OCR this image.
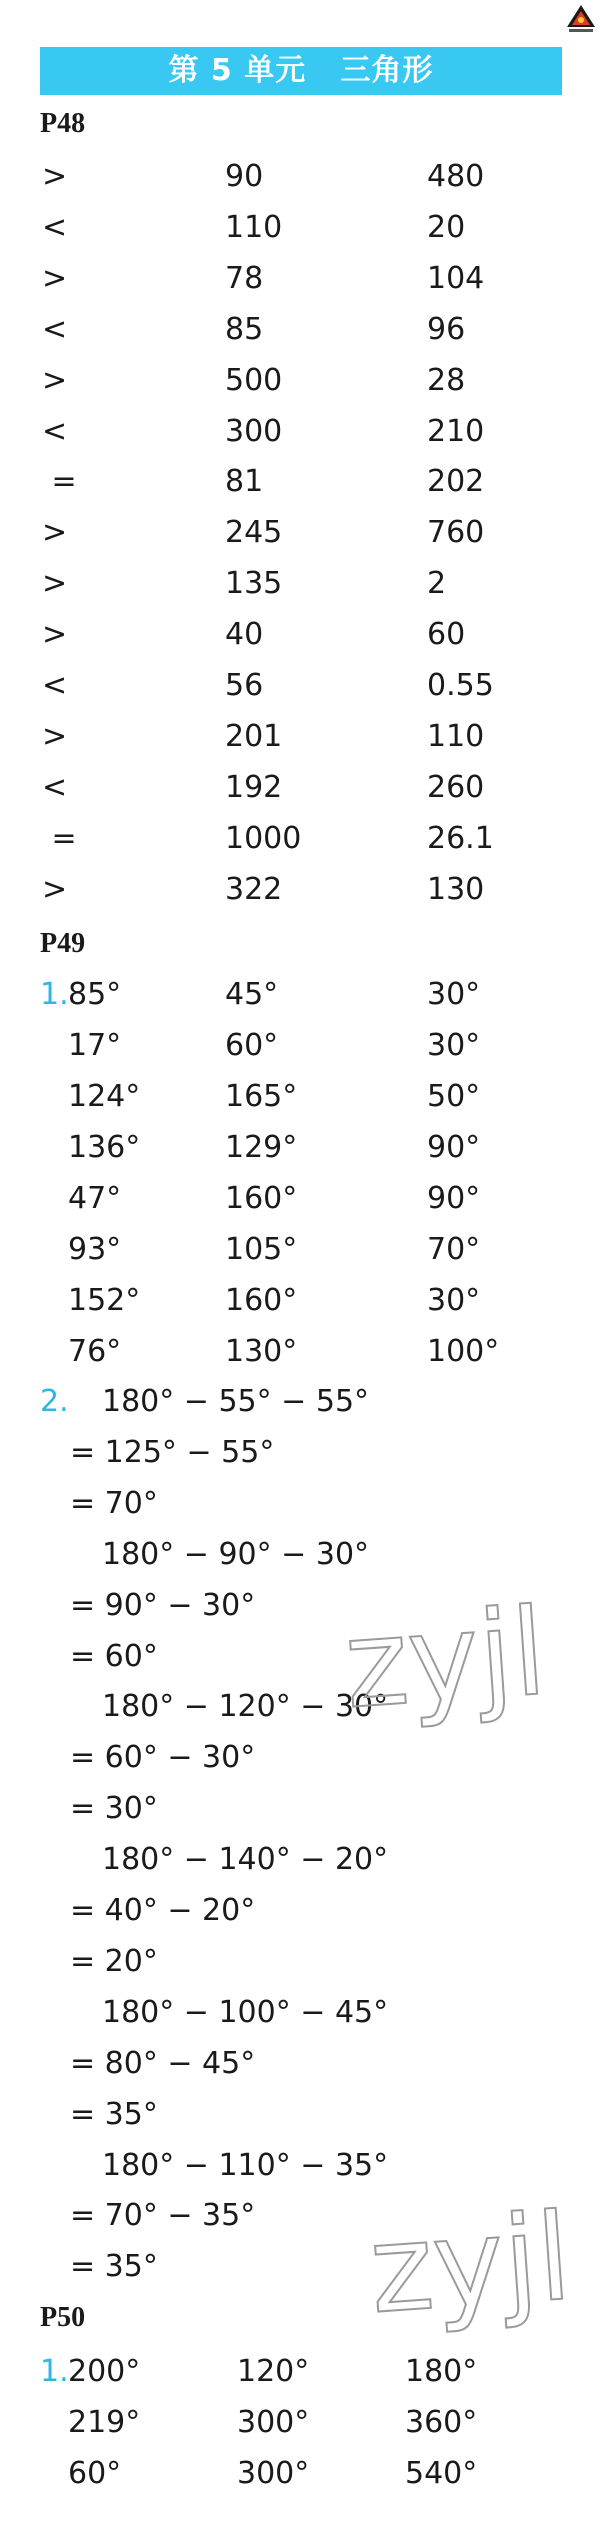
第 5 单元   三角形
P48
>	90	480
<	110	20
>	78	104
<	85	96
>	500	28
<	300	210
=	81	202
>	245	760
>	135	2
>	40	60
<	56	0.55
>	201	110
<	192	260
=	1000	26.1
>	322	130
P49
1. 85°	45°	30°
17°	60°	30°
124°	165°	50°
136°	129°	90°
47°	160°	90°
93°	105°	70°
152°	160°	30°
76°	130°	100°
2. 180° − 55° − 55°
= 125° − 55°
= 70°
180° − 90° − 30°
= 90° − 30°
= 60°
180° − 120° − 30°
= 60° − 30°
= 30°
180° − 140° − 20°
= 40° − 20°
= 20°
180° − 100° − 45°
= 80° − 45°
= 35°
180° − 110° − 35°
= 70° − 35°
= 35°
P50
1. 200°	120°	180°
219°	300°	360°
60°	300°	540°
zyjl
zyjl
